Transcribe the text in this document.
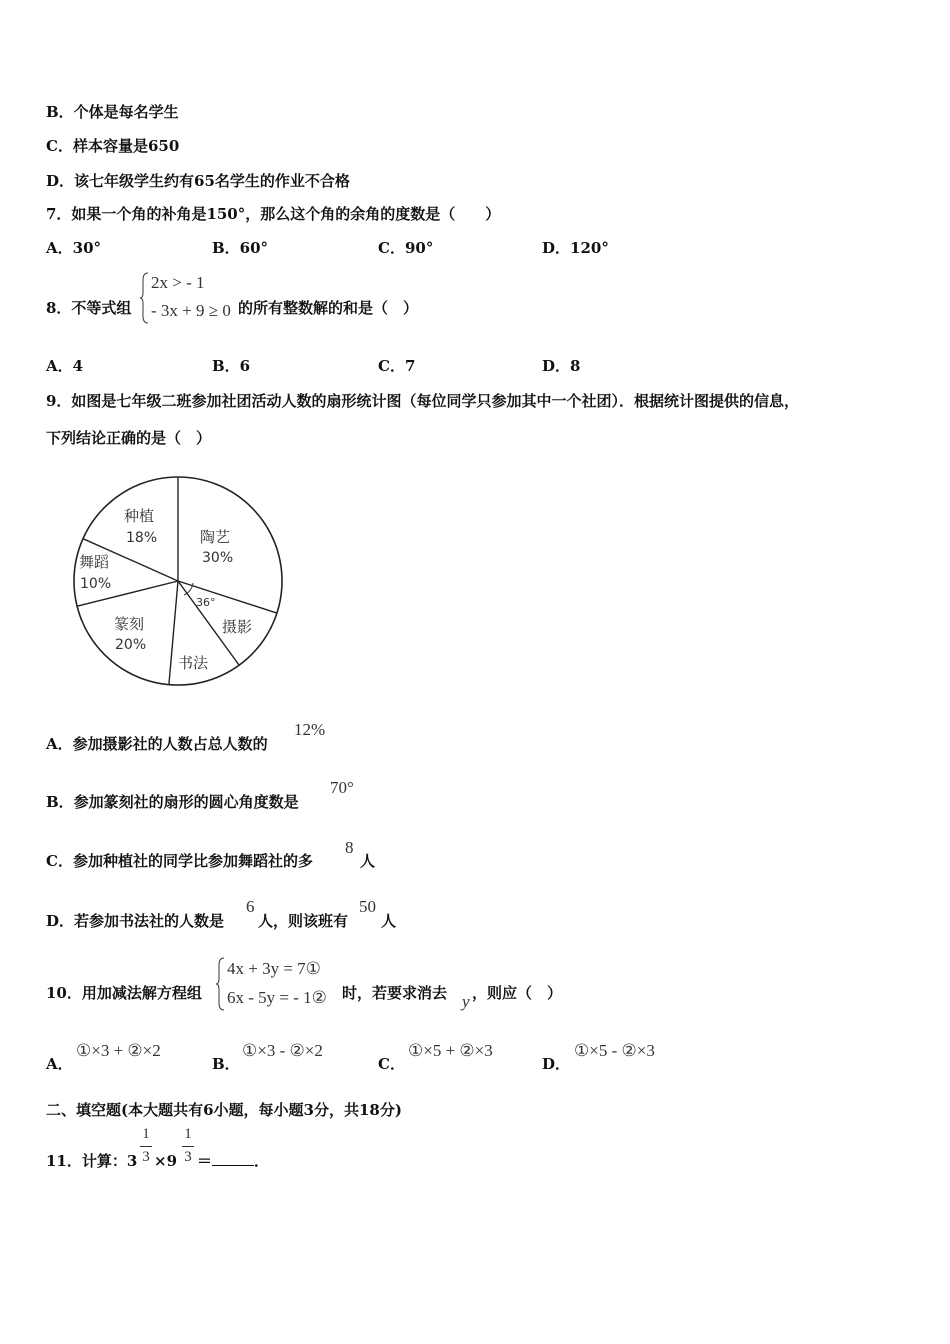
B．个体是每名学生
C．样本容量是650
D．该七年级学生约有65名学生的作业不合格
7．如果一个角的补角是150°，那么这个角的余角的度数是（　　）
A．30°	B．60°	C．90°	D．120°
8．不等式组
2x > - 1
- 3x + 9 ≥ 0 的所有整数解的和是（　）
A．4	B．6	C．7	D．8
9．如图是七年级二班参加社团活动人数的扇形统计图（每位同学只参加其中一个社团）．根据统计图提供的信息，
下列结论正确的是（　）
36°
陶艺
30%
摄影
书法
篆刻
20%
舞蹈
10%
种植
18%
A．参加摄影社的人数占总人数的
12%
B．参加篆刻社的扇形的圆心角度数是
70°
C．参加种植社的同学比参加舞蹈社的多
8
人
D．若参加书法社的人数是
6
人，则该班有
50
人
10．用加减法解方程组
4x + 3y = 7①
6x - 5y = - 1② 时，若要求消去 y ，则应（　）
A．
①×3 + ②×2
B．
①×3 - ②×2
C．
①×5 + ②×3
D．
①×5 - ②×3
二、填空题(本大题共有6小题，每小题3分，共18分)
11．计算：3
1
3 ×9
1
3 ＝	．
